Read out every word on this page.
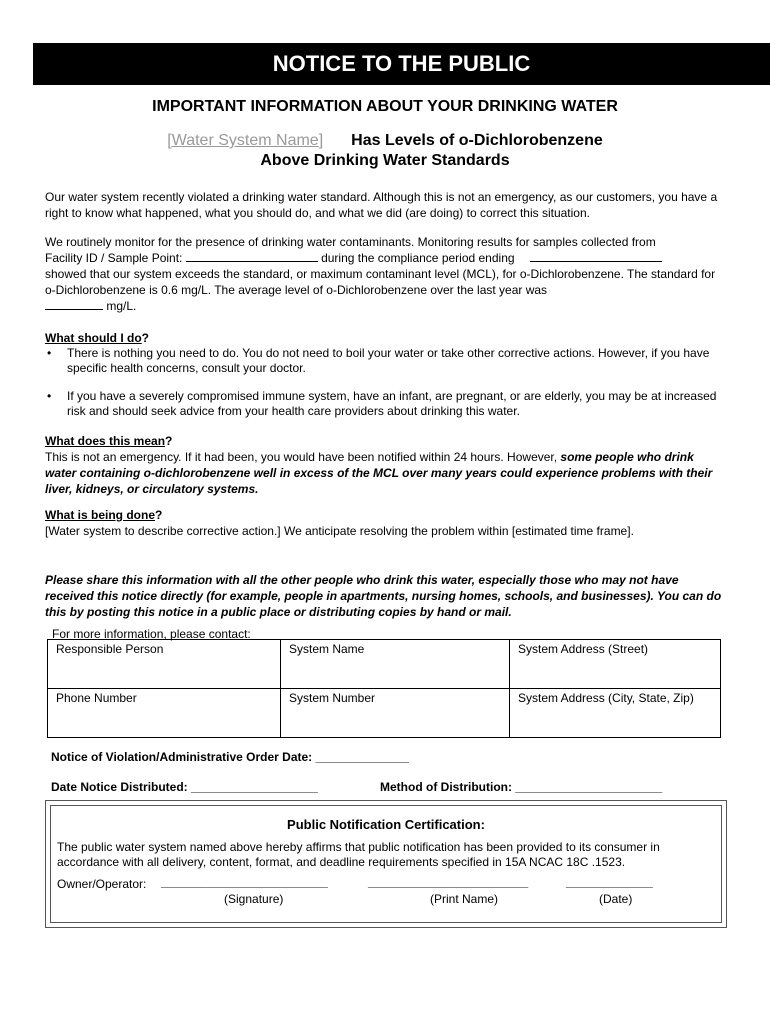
NOTICE TO THE PUBLIC
IMPORTANT INFORMATION ABOUT YOUR DRINKING WATER
[Water System Name] Has Levels of o-Dichlorobenzene
Above Drinking Water Standards
Our water system recently violated a drinking water standard. Although this is not an emergency, as our customers, you have a right to know what happened, what you should do, and what we did (are doing) to correct this situation.
We routinely monitor for the presence of drinking water contaminants. Monitoring results for samples collected from
Facility ID / Sample Point:	during the compliance period ending
showed that our system exceeds the standard, or maximum contaminant level (MCL), for o-Dichlorobenzene. The standard for o-Dichlorobenzene is 0.6 mg/L. The average level of o-Dichlorobenzene over the last year was
mg/L.
What should I do?
• There is nothing you need to do. You do not need to boil your water or take other corrective actions. However, if you have specific health concerns, consult your doctor.
• If you have a severely compromised immune system, have an infant, are pregnant, or are elderly, you may be at increased risk and should seek advice from your health care providers about drinking this water.
What does this mean?
This is not an emergency. If it had been, you would have been notified within 24 hours. However, some people who drink water containing o-dichlorobenzene well in excess of the MCL over many years could experience problems with their liver, kidneys, or circulatory systems.
What is being done?
[Water system to describe corrective action.] We anticipate resolving the problem within [estimated time frame].
Please share this information with all the other people who drink this water, especially those who may not have received this notice directly (for example, people in apartments, nursing homes, schools, and businesses). You can do this by posting this notice in a public place or distributing copies by hand or mail.
For more information, please contact:
Responsible Person	System Name	System Address (Street)
Phone Number	System Number	System Address (City, State, Zip)
Notice of Violation/Administrative Order Date: ______________
Date Notice Distributed: ___________________	Method of Distribution: ______________________
Public Notification Certification:
The public water system named above hereby affirms that public notification has been provided to its consumer in accordance with all delivery, content, format, and deadline requirements specified in 15A NCAC 18C .1523.
Owner/Operator: _________________________	________________________	_____________
(Signature)	(Print Name)	(Date)
